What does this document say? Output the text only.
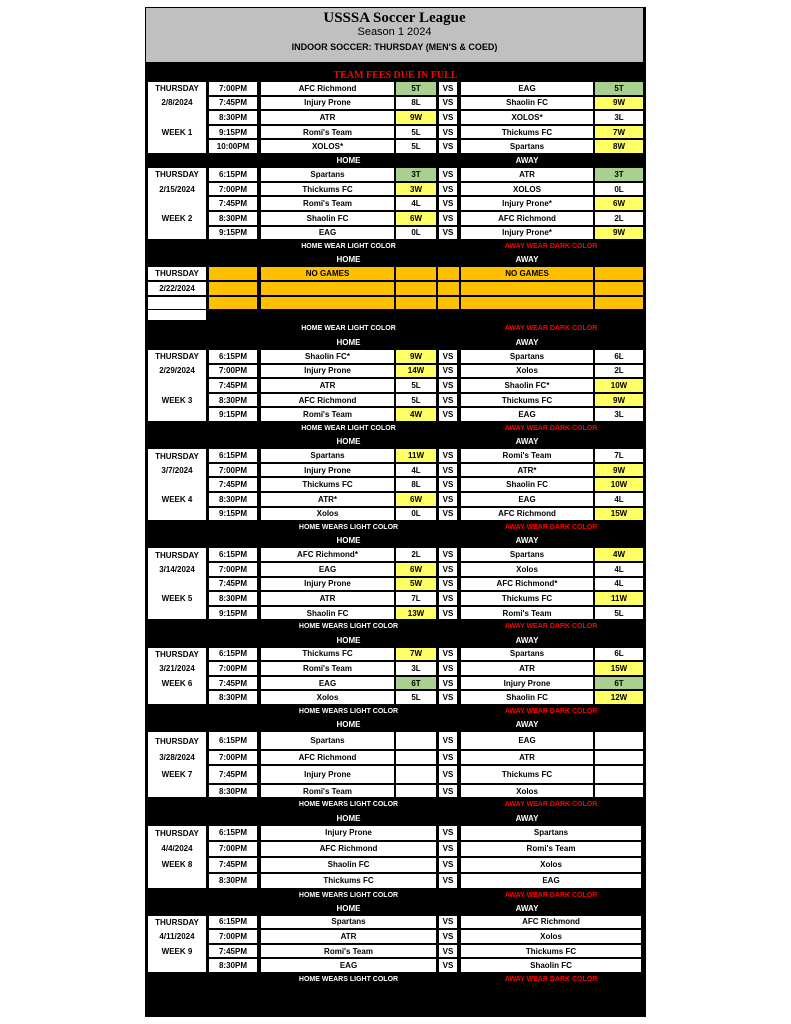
USSSA Soccer League
Season 1 2024
INDOOR SOCCER: THURSDAY (MEN'S & COED)
TEAM FEES DUE IN FULL
THURSDAY	7:00PM	AFC Richmond	5T	VS	EAG	5T
2/8/2024	7:45PM	Injury Prone	8L	VS	Shaolin FC	9W
8:30PM	ATR	9W	VS	XOLOS*	3L
WEEK 1	9:15PM	Romi's Team	5L	VS	Thickums FC	7W
10:00PM	XOLOS*	5L	VS	Spartans	8W
HOME	AWAY
THURSDAY	6:15PM	Spartans	3T	VS	ATR	3T
2/15/2024	7:00PM	Thickums FC	3W	VS	XOLOS	0L
7:45PM	Romi's Team	4L	VS	Injury Prone*	6W
WEEK 2	8:30PM	Shaolin FC	6W	VS	AFC Richmond	2L
9:15PM	EAG	0L	VS	Injury Prone*	9W
HOME WEAR LIGHT COLOR	AWAY WEAR DARK COLOR
HOME	AWAY
THURSDAY	NO GAMES	NO GAMES
2/22/2024
HOME WEAR LIGHT COLOR	AWAY WEAR DARK COLOR
HOME	AWAY
THURSDAY	6:15PM	Shaolin FC*	9W	VS	Spartans	6L
2/29/2024	7:00PM	Injury Prone	14W	VS	Xolos	2L
7:45PM	ATR	5L	VS	Shaolin FC*	10W
WEEK 3	8:30PM	AFC Richmond	5L	VS	Thickums FC	9W
9:15PM	Romi's Team	4W	VS	EAG	3L
HOME WEAR LIGHT COLOR	AWAY WEAR DARK COLOR
HOME	AWAY
THURSDAY	6:15PM	Spartans	11W	VS	Romi's Team	7L
3/7/2024	7:00PM	Injury Prone	4L	VS	ATR*	9W
7:45PM	Thickums FC	8L	VS	Shaolin FC	10W
WEEK 4	8:30PM	ATR*	6W	VS	EAG	4L
9:15PM	Xolos	0L	VS	AFC Richmond	15W
HOME WEARS LIGHT COLOR	AWAY WEAR DARK COLOR
HOME	AWAY
THURSDAY	6:15PM	AFC Richmond*	2L	VS	Spartans	4W
3/14/2024	7:00PM	EAG	6W	VS	Xolos	4L
7:45PM	Injury Prone	5W	VS	AFC Richmond*	4L
WEEK 5	8:30PM	ATR	7L	VS	Thickums FC	11W
9:15PM	Shaolin FC	13W	VS	Romi's Team	5L
HOME WEARS LIGHT COLOR	AWAY WEAR DARK COLOR
HOME	AWAY
THURSDAY	6:15PM	Thickums FC	7W	VS	Spartans	6L
3/21/2024	7:00PM	Romi's Team	3L	VS	ATR	15W
WEEK 6	7:45PM	EAG	6T	VS	Injury Prone	6T
8:30PM	Xolos	5L	VS	Shaolin FC	12W
HOME WEARS LIGHT COLOR	AWAY WEAR DARK COLOR
HOME	AWAY
THURSDAY	6:15PM	Spartans	VS	EAG
3/28/2024	7:00PM	AFC Richmond	VS	ATR
WEEK 7	7:45PM	Injury Prone	VS	Thickums FC
8:30PM	Romi's Team	VS	Xolos
HOME WEARS LIGHT COLOR	AWAY WEAR DARK COLOR
HOME	AWAY
THURSDAY	6:15PM	Injury Prone	VS	Spartans
4/4/2024	7:00PM	AFC Richmond	VS	Romi's Team
WEEK 8	7:45PM	Shaolin FC	VS	Xolos
8:30PM	Thickums FC	VS	EAG
HOME WEARS LIGHT COLOR	AWAY WEAR DARK COLOR
HOME	AWAY
THURSDAY	6:15PM	Spartans	VS	AFC Richmond
4/11/2024	7:00PM	ATR	VS	Xolos
WEEK 9	7:45PM	Romi's Team	VS	Thickums FC
8:30PM	EAG	VS	Shaolin FC
HOME WEARS LIGHT COLOR	AWAY WEAR DARK COLOR
